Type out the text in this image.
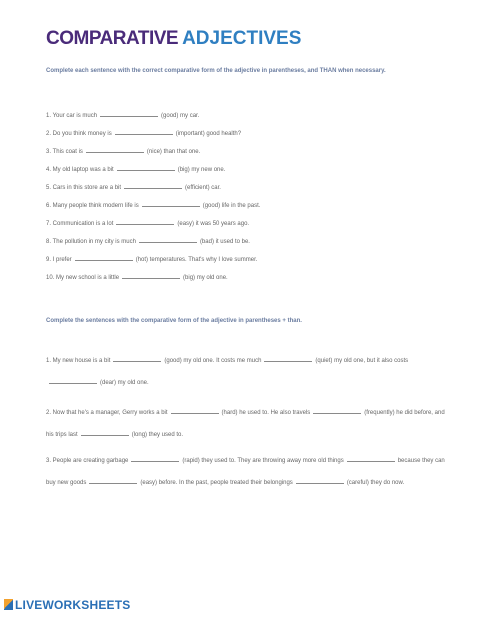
COMPARATIVE ADJECTIVES
Complete each sentence with the correct comparative form of the adjective in parentheses, and THAN when necessary.
1. Your car is much	(good) my car.
2. Do you think money is	(important) good health?
3. This coat is	(nice) than that one.
4. My old laptop was a bit	(big) my new one.
5. Cars in this store are a bit	(efficient) car.
6. Many people think modern life is	(good) life in the past.
7. Communication is a lot	(easy) it was 50 years ago.
8. The pollution in my city is much	(bad) it used to be.
9. I prefer	(hot) temperatures. That's why I love summer.
10. My new school is a little	(big) my old one.
Complete the sentences with the comparative form of the adjective in parentheses + than.
1. My new house is a bit	(good) my old one. It costs me much	(quiet) my old one, but it also costs(dear) my old one.
2. Now that he's a manager, Gerry works a bit	(hard) he used to. He also travels	(frequently) he did before, and his trips last	(long) they used to.
3. People are creating garbage	(rapid) they used to. They are throwing away more old things	because they can buy new goods	(easy) before. In the past, people treated their belongings	(careful) they do now.
LIVEWORKSHEETS
